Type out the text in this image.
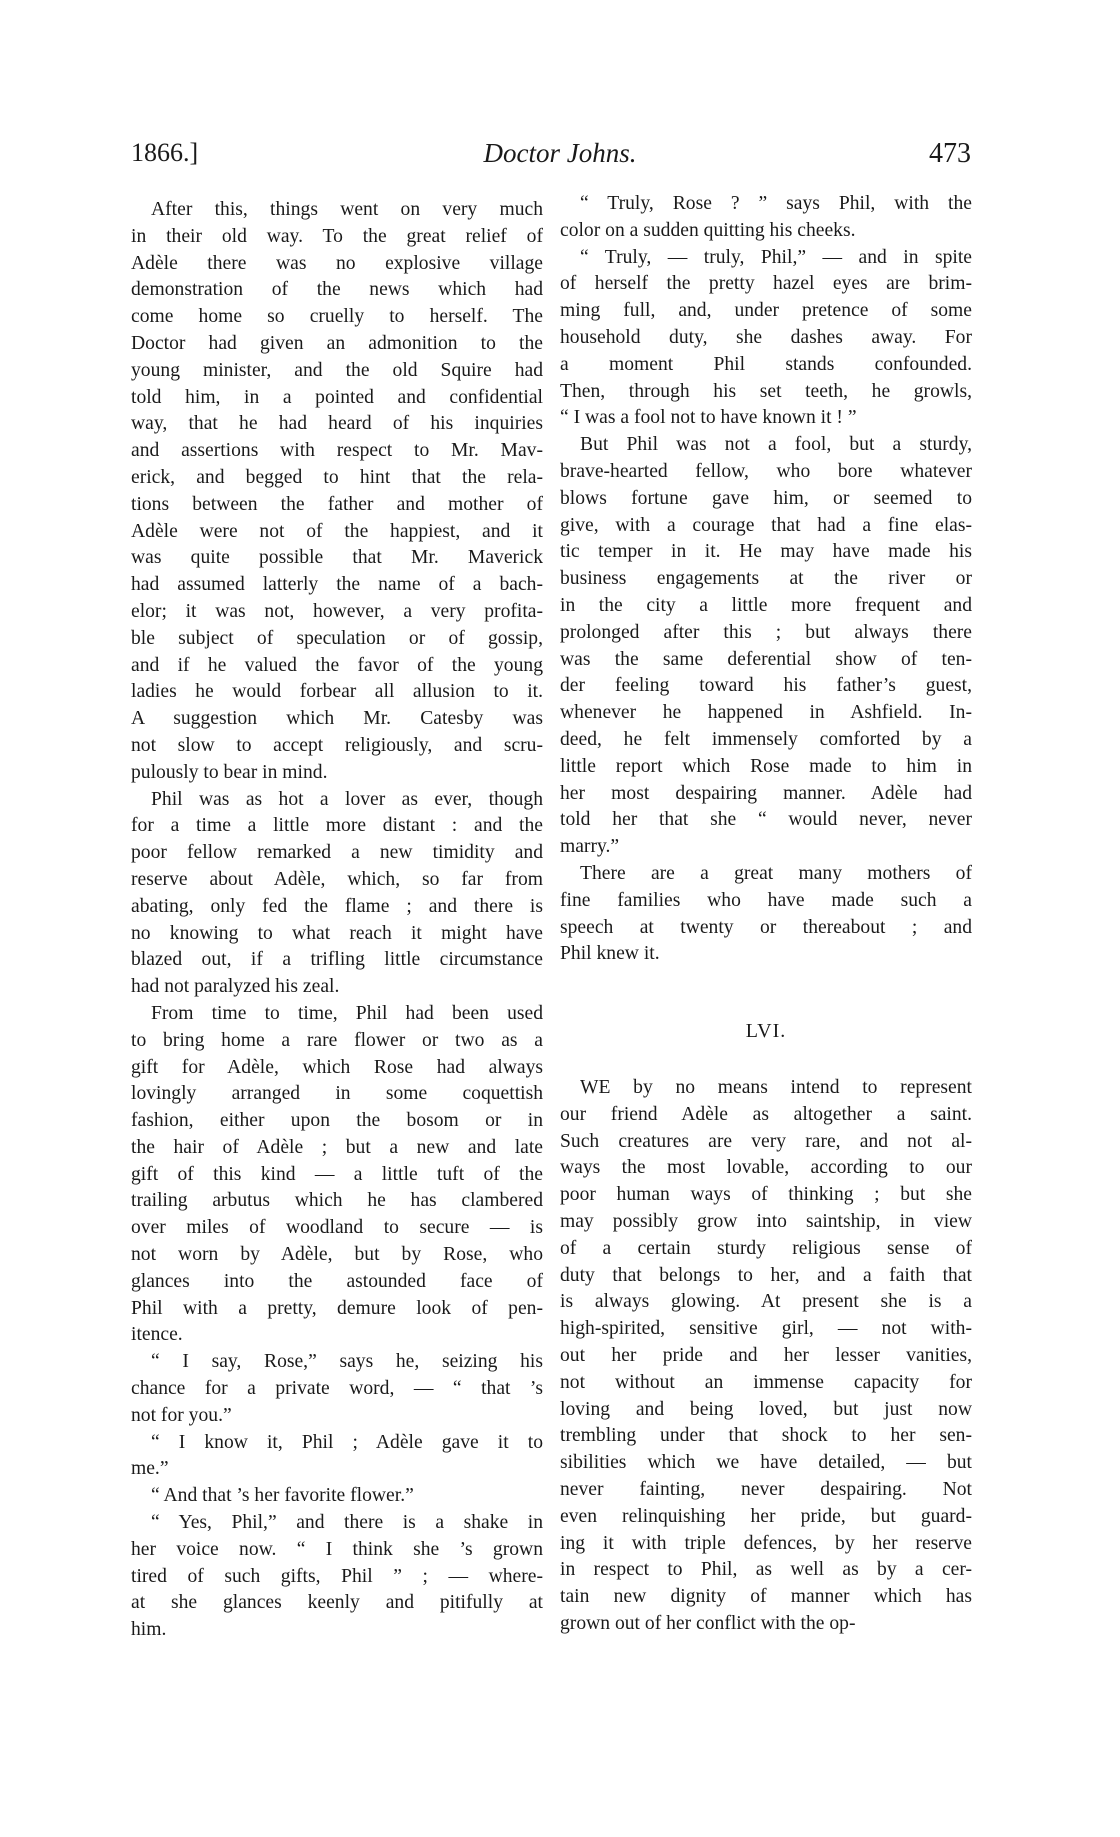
1866.]	Doctor Johns.	473
After this, things went on very much
in their old way. To the great relief of
Adèle there was no explosive village
demonstration of the news which had
come home so cruelly to herself. The
Doctor had given an admonition to the
young minister, and the old Squire had
told him, in a pointed and confidential
way, that he had heard of his inquiries
and assertions with respect to Mr. Mav-
erick, and begged to hint that the rela-
tions between the father and mother of
Adèle were not of the happiest, and it
was quite possible that Mr. Maverick
had assumed latterly the name of a bach-
elor; it was not, however, a very profita-
ble subject of speculation or of gossip,
and if he valued the favor of the young
ladies he would forbear all allusion to it.
A suggestion which Mr. Catesby was
not slow to accept religiously, and scru-
pulously to bear in mind.
Phil was as hot a lover as ever, though
for a time a little more distant : and the
poor fellow remarked a new timidity and
reserve about Adèle, which, so far from
abating, only fed the flame ; and there is
no knowing to what reach it might have
blazed out, if a trifling little circumstance
had not paralyzed his zeal.
From time to time, Phil had been used
to bring home a rare flower or two as a
gift for Adèle, which Rose had always
lovingly arranged in some coquettish
fashion, either upon the bosom or in
the hair of Adèle ; but a new and late
gift of this kind — a little tuft of the
trailing arbutus which he has clambered
over miles of woodland to secure — is
not worn by Adèle, but by Rose, who
glances into the astounded face of
Phil with a pretty, demure look of pen-
itence.
“ I say, Rose,” says he, seizing his
chance for a private word, — “ that ’s
not for you.”
“ I know it, Phil ; Adèle gave it to
me.”
“ And that ’s her favorite flower.”
“ Yes, Phil,” and there is a shake in
her voice now. “ I think she ’s grown
tired of such gifts, Phil ” ; — where-
at she glances keenly and pitifully at
him.
“ Truly, Rose ? ” says Phil, with the
color on a sudden quitting his cheeks.
“ Truly, — truly, Phil,” — and in spite
of herself the pretty hazel eyes are brim-
ming full, and, under pretence of some
household duty, she dashes away. For
a moment Phil stands confounded.
Then, through his set teeth, he growls,
“ I was a fool not to have known it ! ”
But Phil was not a fool, but a sturdy,
brave-hearted fellow, who bore whatever
blows fortune gave him, or seemed to
give, with a courage that had a fine elas-
tic temper in it. He may have made his
business engagements at the river or
in the city a little more frequent and
prolonged after this ; but always there
was the same deferential show of ten-
der feeling toward his father’s guest,
whenever he happened in Ashfield. In-
deed, he felt immensely comforted by a
little report which Rose made to him in
her most despairing manner. Adèle had
told her that she “ would never, never
marry.”
There are a great many mothers of
fine families who have made such a
speech at twenty or thereabout ; and
Phil knew it.
LVI.
WE by no means intend to represent
our friend Adèle as altogether a saint.
Such creatures are very rare, and not al-
ways the most lovable, according to our
poor human ways of thinking ; but she
may possibly grow into saintship, in view
of a certain sturdy religious sense of
duty that belongs to her, and a faith that
is always glowing. At present she is a
high-spirited, sensitive girl, — not with-
out her pride and her lesser vanities,
not without an immense capacity for
loving and being loved, but just now
trembling under that shock to her sen-
sibilities which we have detailed, — but
never fainting, never despairing. Not
even relinquishing her pride, but guard-
ing it with triple defences, by her reserve
in respect to Phil, as well as by a cer-
tain new dignity of manner which has
grown out of her conflict with the op-
